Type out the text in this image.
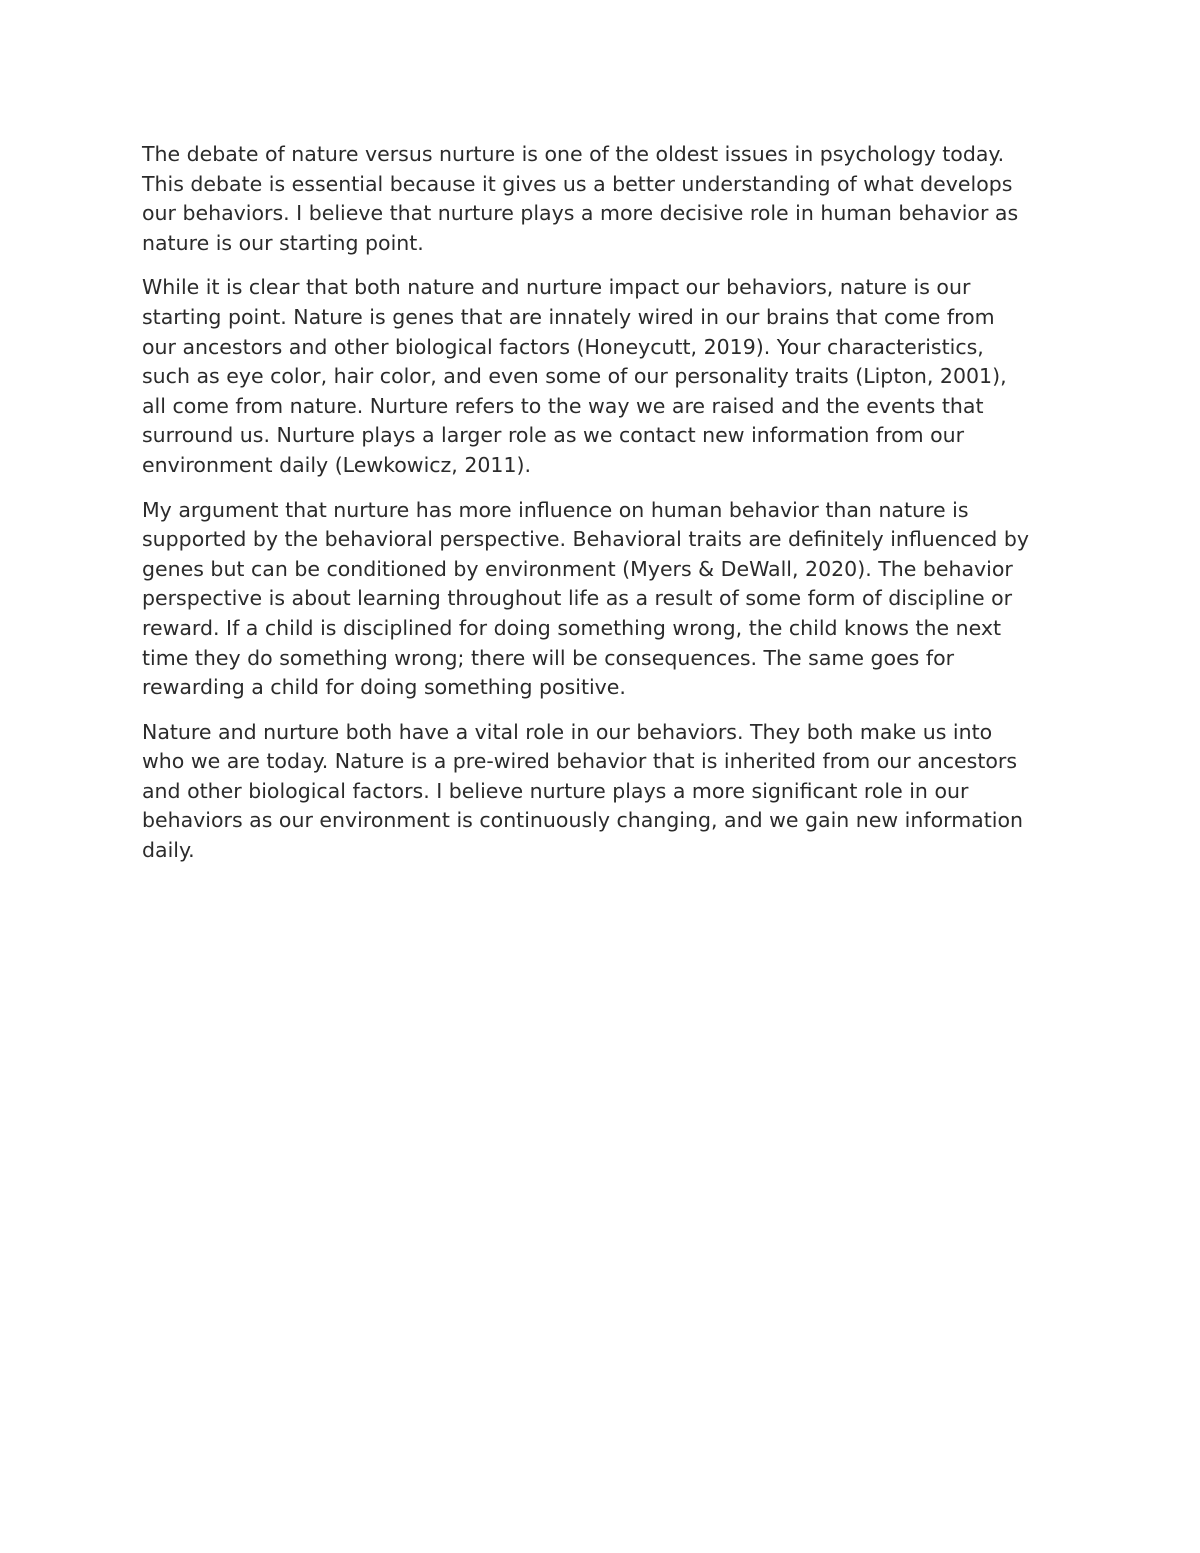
The debate of nature versus nurture is one of the oldest issues in psychology today.
This debate is essential because it gives us a better understanding of what develops
our behaviors. I believe that nurture plays a more decisive role in human behavior as
nature is our starting point.

While it is clear that both nature and nurture impact our behaviors, nature is our
starting point. Nature is genes that are innately wired in our brains that come from
our ancestors and other biological factors (Honeycutt, 2019). Your characteristics,
such as eye color, hair color, and even some of our personality traits (Lipton, 2001),
all come from nature. Nurture refers to the way we are raised and the events that
surround us. Nurture plays a larger role as we contact new information from our
environment daily (Lewkowicz, 2011).

My argument that nurture has more influence on human behavior than nature is
supported by the behavioral perspective. Behavioral traits are definitely influenced by
genes but can be conditioned by environment (Myers & DeWall, 2020). The behavior
perspective is about learning throughout life as a result of some form of discipline or
reward. If a child is disciplined for doing something wrong, the child knows the next
time they do something wrong; there will be consequences. The same goes for
rewarding a child for doing something positive.

Nature and nurture both have a vital role in our behaviors. They both make us into
who we are today. Nature is a pre-wired behavior that is inherited from our ancestors
and other biological factors. I believe nurture plays a more significant role in our
behaviors as our environment is continuously changing, and we gain new information
daily.
